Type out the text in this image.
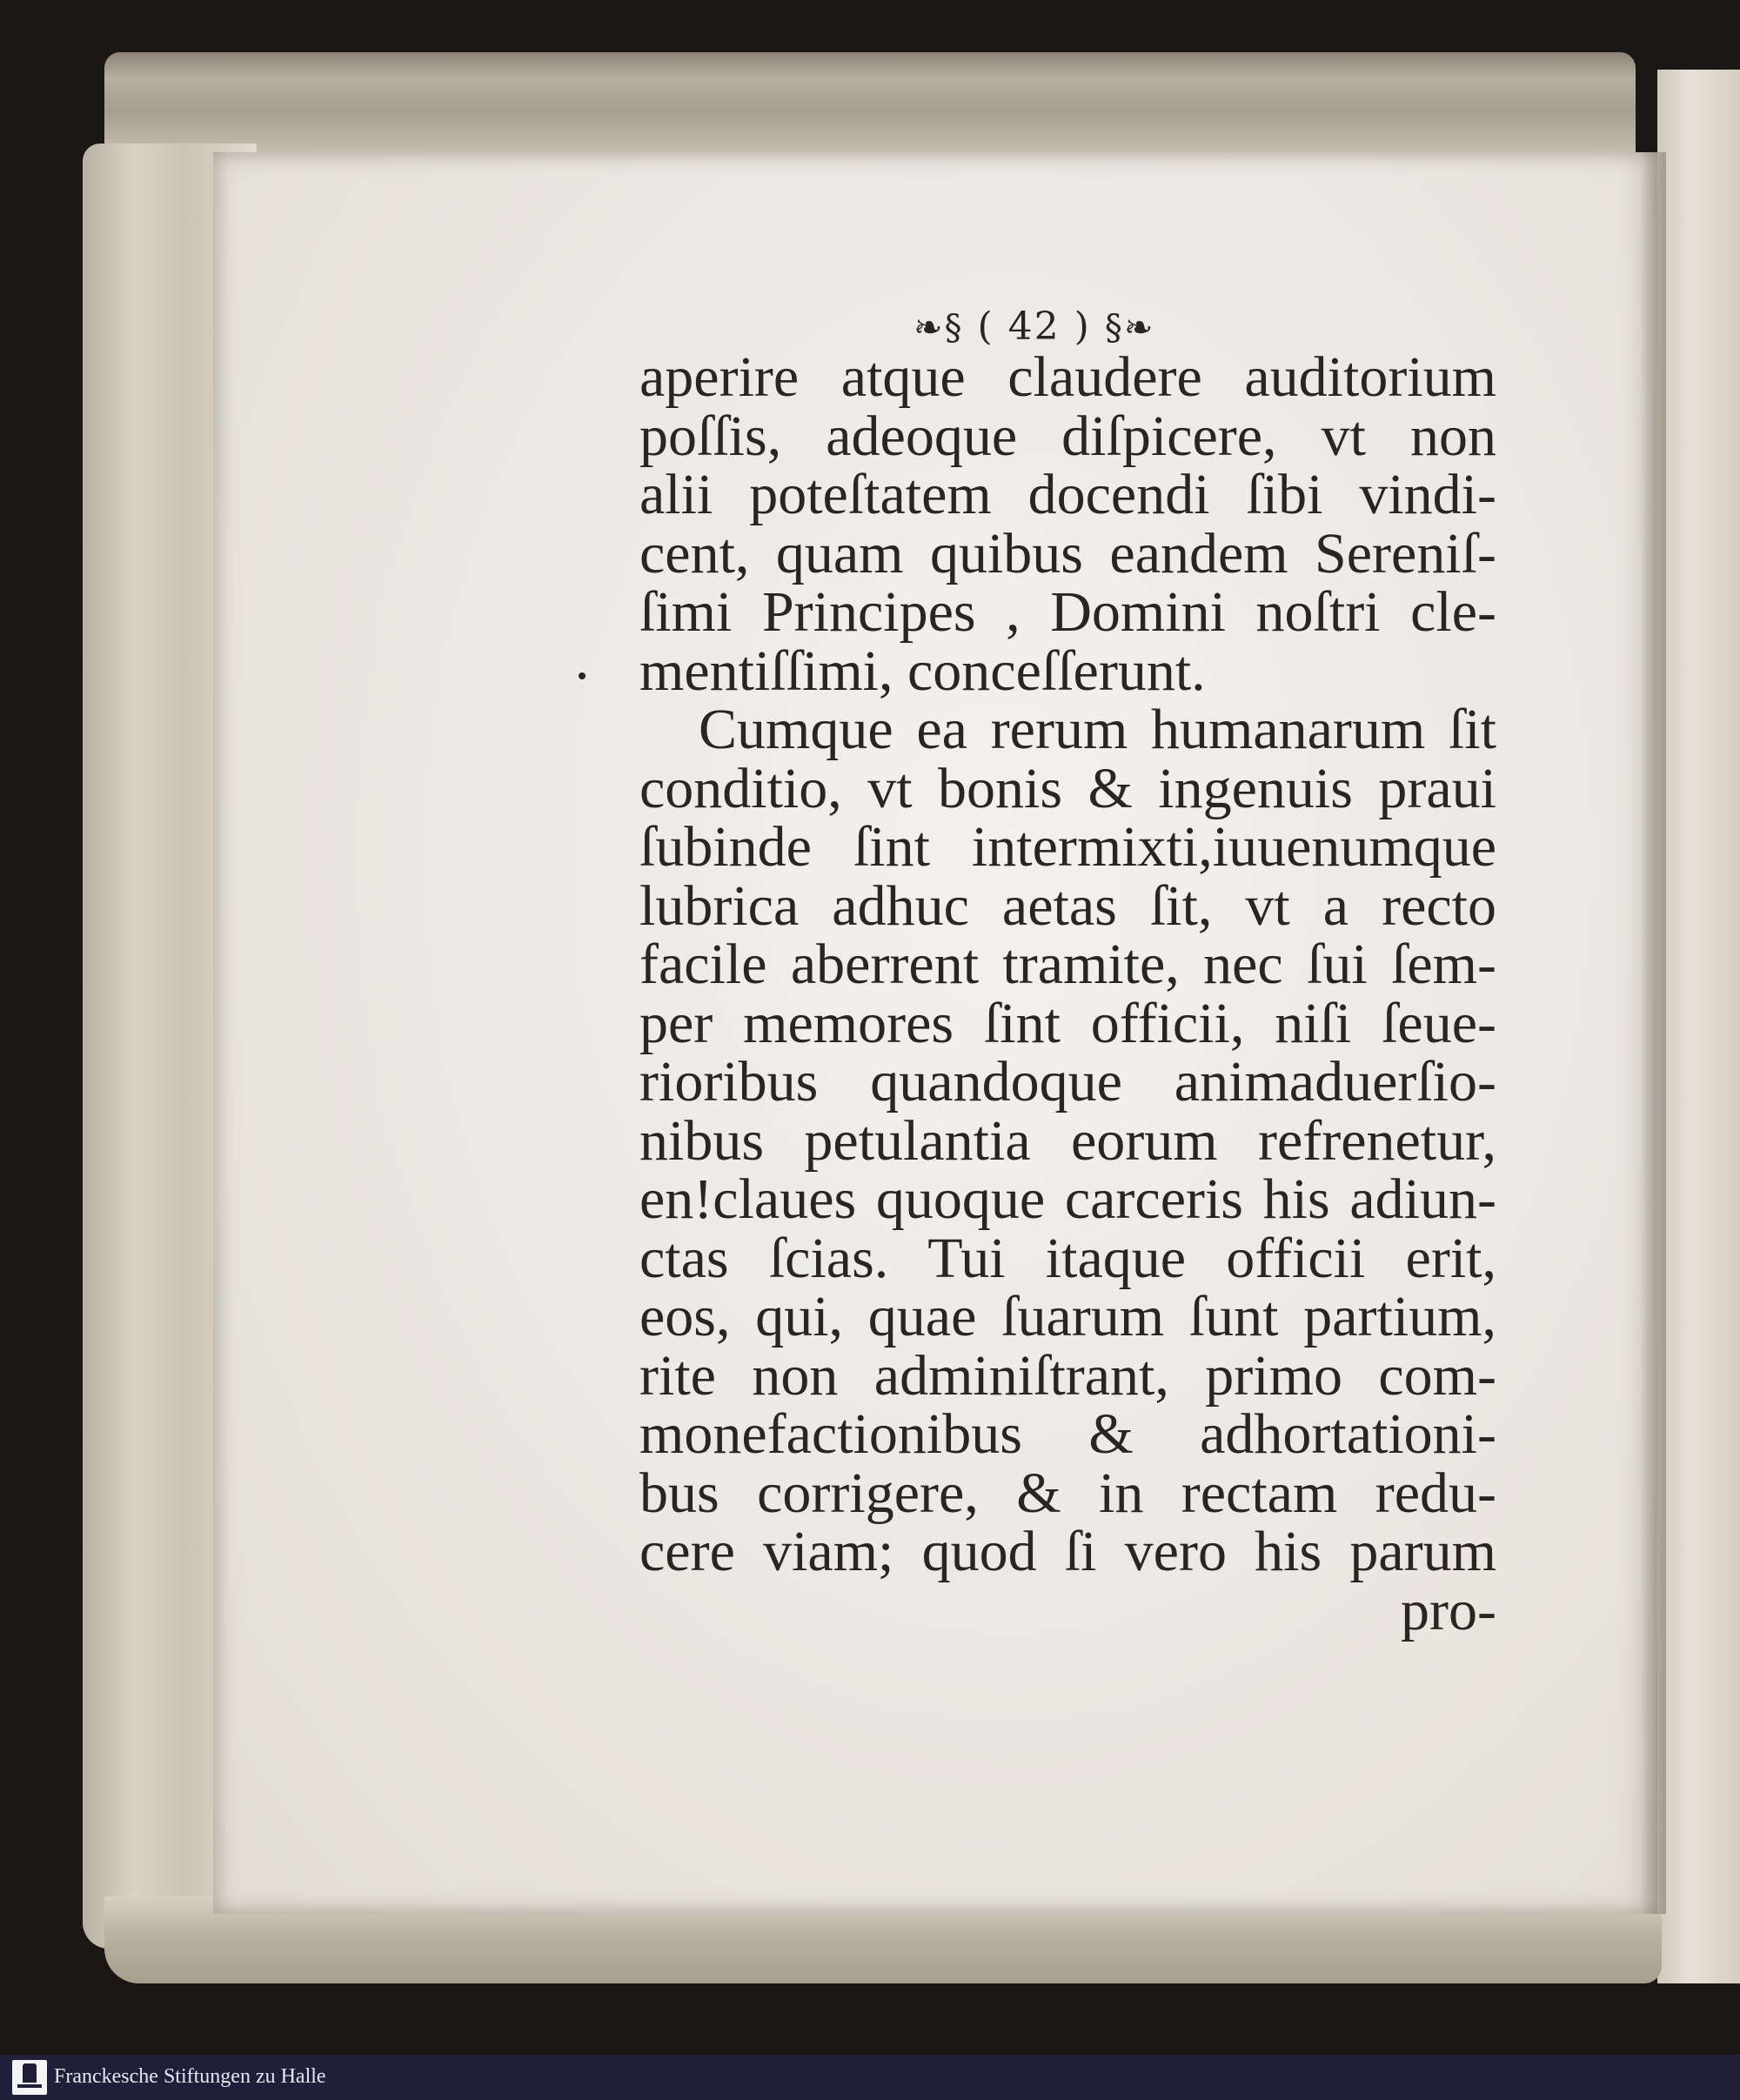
❧§ ( 42 ) §❧
aperire atque claudere auditorium
poſſis, adeoque diſpicere, vt non
alii poteſtatem docendi ſibi vindi-
cent, quam quibus eandem Sereniſ-
ſimi Principes , Domini noſtri cle-
mentiſſimi, conceſſerunt.
Cumque ea rerum humanarum ſit
conditio, vt bonis & ingenuis praui
ſubinde ſint intermixti,iuuenumque
lubrica adhuc aetas ſit, vt a recto
facile aberrent tramite, nec ſui ſem-
per memores ſint officii, niſi ſeue-
rioribus quandoque animaduerſio-
nibus petulantia eorum refrenetur,
en!claues quoque carceris his adiun-
ctas ſcias. Tui itaque officii erit,
eos, qui, quae ſuarum ſunt partium,
rite non adminiſtrant, primo com-
monefactionibus & adhortationi-
bus corrigere, & in rectam redu-
cere viam; quod ſi vero his parum
pro-
Franckesche Stiftungen zu Halle
